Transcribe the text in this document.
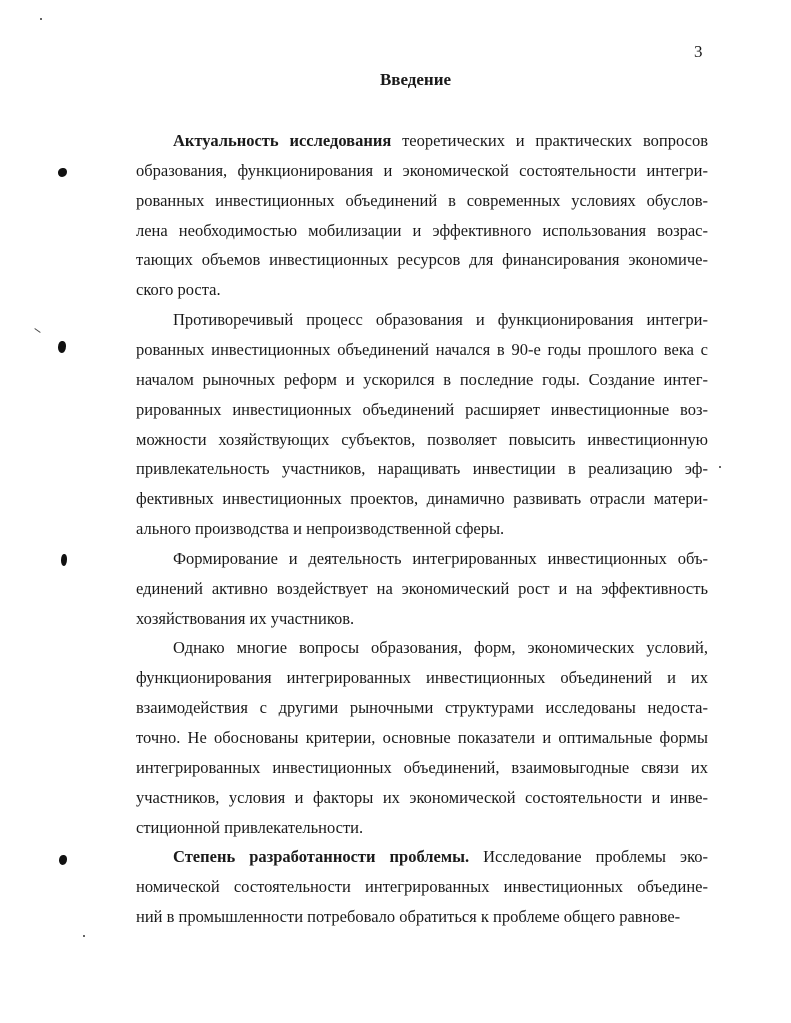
3
Введение
Актуальность исследования теоретических и практических вопросов
образования, функционирования и экономической состоятельности интегри-
рованных инвестиционных объединений в современных условиях обуслов-
лена необходимостью мобилизации и эффективного использования возрас-
тающих объемов инвестиционных ресурсов для финансирования экономиче-
ского роста.
Противоречивый процесс образования и функционирования интегри-
рованных инвестиционных объединений начался в 90-е годы прошлого века с
началом рыночных реформ и ускорился в последние годы. Создание интег-
рированных инвестиционных объединений расширяет инвестиционные воз-
можности хозяйствующих субъектов, позволяет повысить инвестиционную
привлекательность участников, наращивать инвестиции в реализацию эф-
фективных инвестиционных проектов, динамично развивать отрасли матери-
ального производства и непроизводственной сферы.
Формирование и деятельность интегрированных инвестиционных объ-
единений активно воздействует на экономический рост и на эффективность
хозяйствования их участников.
Однако многие вопросы образования, форм, экономических условий,
функционирования интегрированных инвестиционных объединений и их
взаимодействия с другими рыночными структурами исследованы недоста-
точно. Не обоснованы критерии, основные показатели и оптимальные формы
интегрированных инвестиционных объединений, взаимовыгодные связи их
участников, условия и факторы их экономической состоятельности и инве-
стиционной привлекательности.
Степень разработанности проблемы. Исследование проблемы эко-
номической состоятельности интегрированных инвестиционных объедине-
ний в промышленности потребовало обратиться к проблеме общего равнове-
